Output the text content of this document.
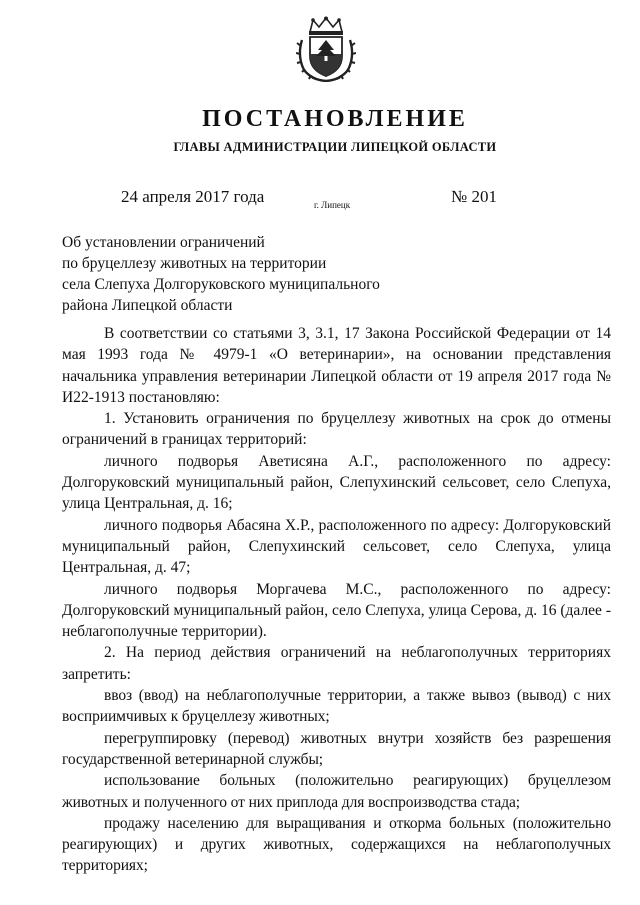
ПОСТАНОВЛЕНИЕ
ГЛАВЫ АДМИНИСТРАЦИИ ЛИПЕЦКОЙ ОБЛАСТИ
24 апреля 2017 года	г. Липецк	№ 201
Об установлении ограничений
по бруцеллезу животных на территории
села Слепуха Долгоруковского муниципального
района Липецкой области

В соответствии со статьями 3, 3.1, 17 Закона Российской Федерации от 14 мая 1993 года № 4979-1 «О ветеринарии», на основании представления начальника управления ветеринарии Липецкой области от 19 апреля 2017 года № И22-1913 постановляю:

1. Установить ограничения по бруцеллезу животных на срок до отмены ограничений в границах территорий:

личного подворья Аветисяна А.Г., расположенного по адресу: Долгоруковский муниципальный район, Слепухинский сельсовет, село Слепуха, улица Центральная, д. 16;

личного подворья Абасяна Х.Р., расположенного по адресу: Долгоруковский муниципальный район, Слепухинский сельсовет, село Слепуха, улица Центральная, д. 47;

личного подворья Моргачева М.С., расположенного по адресу: Долгоруковский муниципальный район, село Слепуха, улица Серова, д. 16 (далее - неблагополучные территории).

2. На период действия ограничений на неблагополучных территориях запретить:

ввоз (ввод) на неблагополучные территории, а также вывоз (вывод) с них восприимчивых к бруцеллезу животных;

перегруппировку (перевод) животных внутри хозяйств без разрешения государственной ветеринарной службы;

использование больных (положительно реагирующих) бруцеллезом животных и полученного от них приплода для воспроизводства стада;

продажу населению для выращивания и откорма больных (положительно реагирующих) и других животных, содержащихся на неблагополучных территориях;
